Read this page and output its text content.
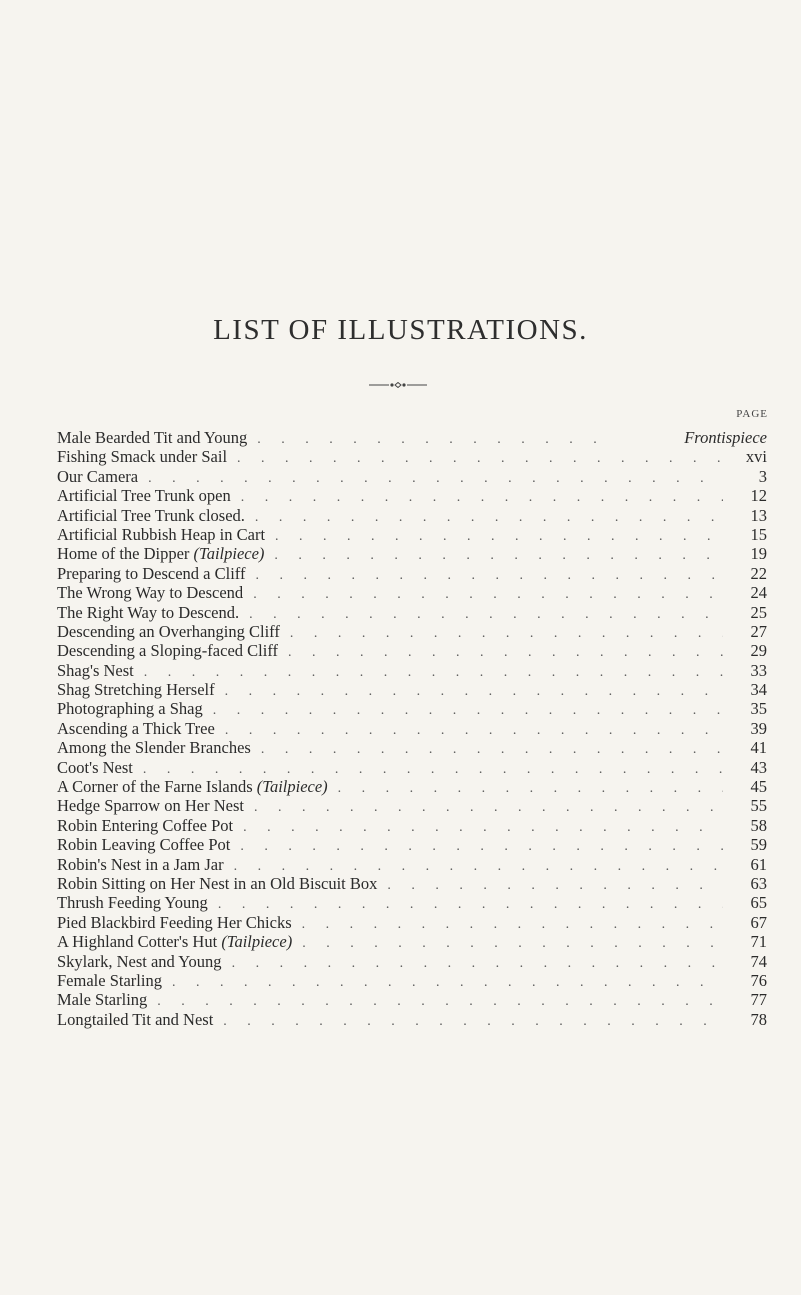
LIST OF ILLUSTRATIONS.
PAGE
Male Bearded Tit and Young . . .	Frontispiece
Fishing Smack under Sail . . .	xvi
Our Camera . . .	3
Artificial Tree Trunk open . . .	12
Artificial Tree Trunk closed. . . .	13
Artificial Rubbish Heap in Cart . . .	15
Home of the Dipper (Tailpiece) . . .	19
Preparing to Descend a Cliff . . .	22
The Wrong Way to Descend . . .	24
The Right Way to Descend. . . .	25
Descending an Overhanging Cliff . . .	27
Descending a Sloping-faced Cliff . . .	29
Shag's Nest . . .	33
Shag Stretching Herself . . .	34
Photographing a Shag . . .	35
Ascending a Thick Tree . . .	39
Among the Slender Branches . . .	41
Coot's Nest . . .	43
A Corner of the Farne Islands (Tailpiece) . . .	45
Hedge Sparrow on Her Nest . . .	55
Robin Entering Coffee Pot . . .	58
Robin Leaving Coffee Pot . . .	59
Robin's Nest in a Jam Jar . . .	61
Robin Sitting on Her Nest in an Old Biscuit Box . . .	63
Thrush Feeding Young . . .	65
Pied Blackbird Feeding Her Chicks . . .	67
A Highland Cotter's Hut (Tailpiece) . . .	71
Skylark, Nest and Young . . .	74
Female Starling . . .	76
Male Starling . . .	77
Longtailed Tit and Nest . . .	78
